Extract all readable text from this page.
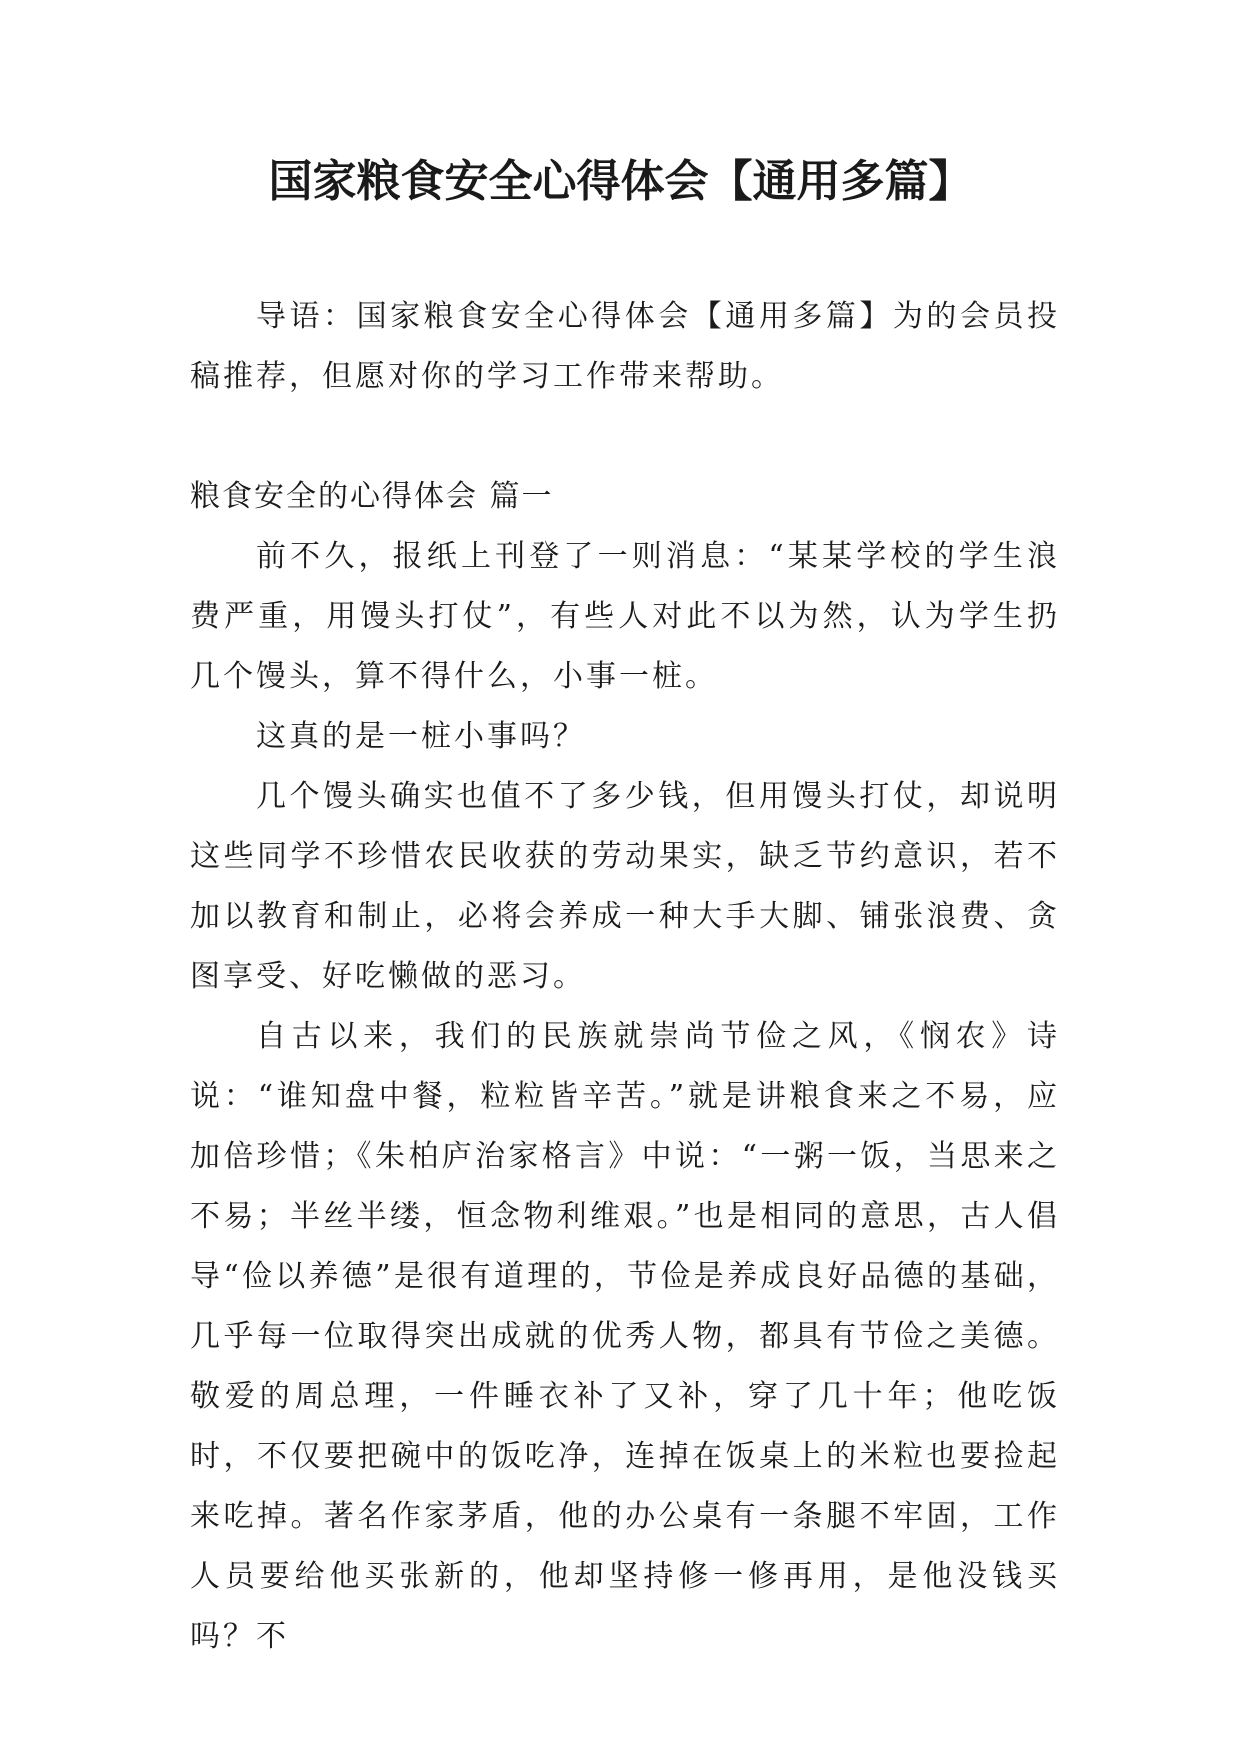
国家粮食安全心得体会【通用多篇】

导语：国家粮食安全心得体会【通用多篇】为的会员投稿推荐，但愿对你的学习工作带来帮助。

粮食安全的心得体会 篇一

前不久，报纸上刊登了一则消息：“某某学校的学生浪费严重，用馒头打仗”，有些人对此不以为然，认为学生扔几个馒头，算不得什么，小事一桩。

这真的是一桩小事吗？

几个馒头确实也值不了多少钱，但用馒头打仗，却说明这些同学不珍惜农民收获的劳动果实，缺乏节约意识，若不加以教育和制止，必将会养成一种大手大脚、铺张浪费、贪图享受、好吃懒做的恶习。

自古以来，我们的民族就崇尚节俭之风，《悯农》诗说：“谁知盘中餐，粒粒皆辛苦。”就是讲粮食来之不易，应加倍珍惜；《朱柏庐治家格言》中说：“一粥一饭，当思来之不易；半丝半缕，恒念物利维艰。”也是相同的意思，古人倡导“俭以养德”是很有道理的，节俭是养成良好品德的基础，几乎每一位取得突出成就的优秀人物，都具有节俭之美德。敬爱的周总理，一件睡衣补了又补，穿了几十年；他吃饭时，不仅要把碗中的饭吃净，连掉在饭桌上的米粒也要捡起来吃掉。著名作家茅盾，他的办公桌有一条腿不牢固，工作人员要给他买张新的，他却坚持修一修再用，是他没钱买吗？不
